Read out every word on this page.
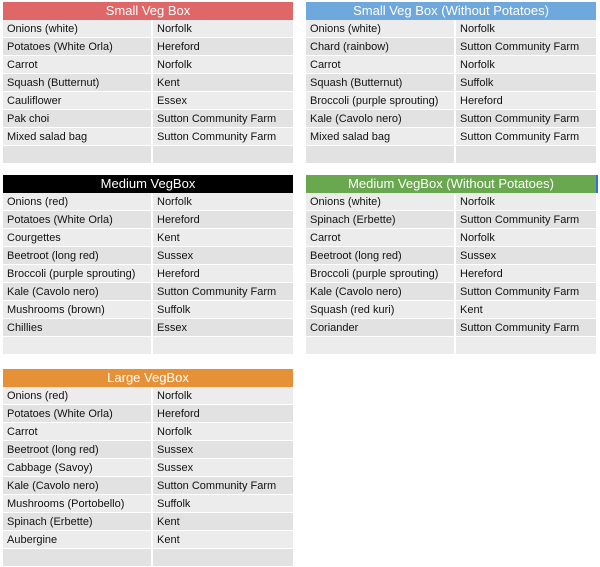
Small Veg Box
Onions (white)	Norfolk
Potatoes (White Orla)	Hereford
Carrot	Norfolk
Squash (Butternut)	Kent
Cauliflower	Essex
Pak choi	Sutton Community Farm
Mixed salad bag	Sutton Community Farm

Small Veg Box (Without Potatoes)
Onions (white)	Norfolk
Chard (rainbow)	Sutton Community Farm
Carrot	Norfolk
Squash (Butternut)	Suffolk
Broccoli (purple sprouting)	Hereford
Kale (Cavolo nero)	Sutton Community Farm
Mixed salad bag	Sutton Community Farm

Medium VegBox
Onions (red)	Norfolk
Potatoes (White Orla)	Hereford
Courgettes	Kent
Beetroot (long red)	Sussex
Broccoli (purple sprouting)	Hereford
Kale (Cavolo nero)	Sutton Community Farm
Mushrooms (brown)	Suffolk
Chillies	Essex

Medium VegBox (Without Potatoes)
Onions (white)	Norfolk
Spinach (Erbette)	Sutton Community Farm
Carrot	Norfolk
Beetroot (long red)	Sussex
Broccoli (purple sprouting)	Hereford
Kale (Cavolo nero)	Sutton Community Farm
Squash (red kuri)	Kent
Coriander	Sutton Community Farm

Large VegBox
Onions (red)	Norfolk
Potatoes (White Orla)	Hereford
Carrot	Norfolk
Beetroot (long red)	Sussex
Cabbage (Savoy)	Sussex
Kale (Cavolo nero)	Sutton Community Farm
Mushrooms (Portobello)	Suffolk
Spinach (Erbette)	Kent
Aubergine	Kent
